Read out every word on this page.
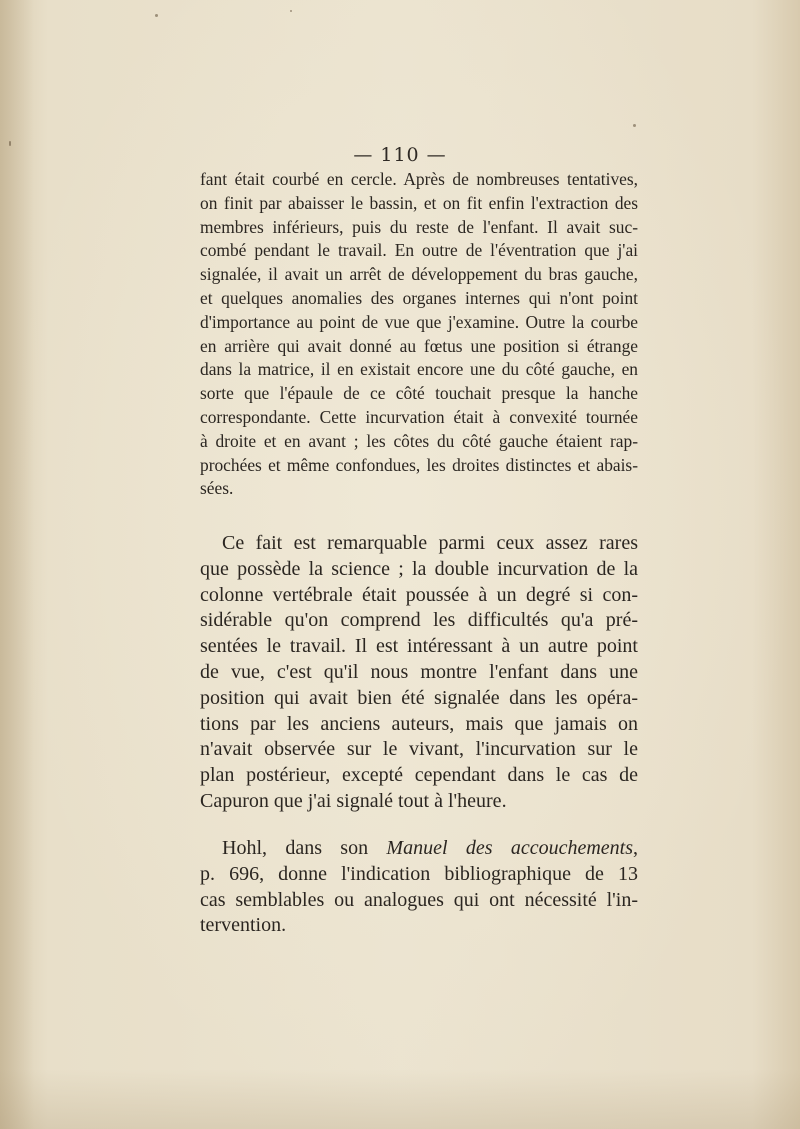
— 110 —
fant était courbé en cercle. Après de nombreuses tentatives,
on finit par abaisser le bassin, et on fit enfin l'extraction des
membres inférieurs, puis du reste de l'enfant. Il avait suc-
combé pendant le travail. En outre de l'éventration que j'ai
signalée, il avait un arrêt de développement du bras gauche,
et quelques anomalies des organes internes qui n'ont point
d'importance au point de vue que j'examine. Outre la courbe
en arrière qui avait donné au fœtus une position si étrange
dans la matrice, il en existait encore une du côté gauche, en
sorte que l'épaule de ce côté touchait presque la hanche
correspondante. Cette incurvation était à convexité tournée
à droite et en avant ; les côtes du côté gauche étaient rap-
prochées et même confondues, les droites distinctes et abais-
sées.
Ce fait est remarquable parmi ceux assez rares
que possède la science ; la double incurvation de la
colonne vertébrale était poussée à un degré si con-
sidérable qu'on comprend les difficultés qu'a pré-
sentées le travail. Il est intéressant à un autre point
de vue, c'est qu'il nous montre l'enfant dans une
position qui avait bien été signalée dans les opéra-
tions par les anciens auteurs, mais que jamais on
n'avait observée sur le vivant, l'incurvation sur le
plan postérieur, excepté cependant dans le cas de
Capuron que j'ai signalé tout à l'heure.
Hohl, dans son Manuel des accouchements,
p. 696, donne l'indication bibliographique de 13
cas semblables ou analogues qui ont nécessité l'in-
tervention.
